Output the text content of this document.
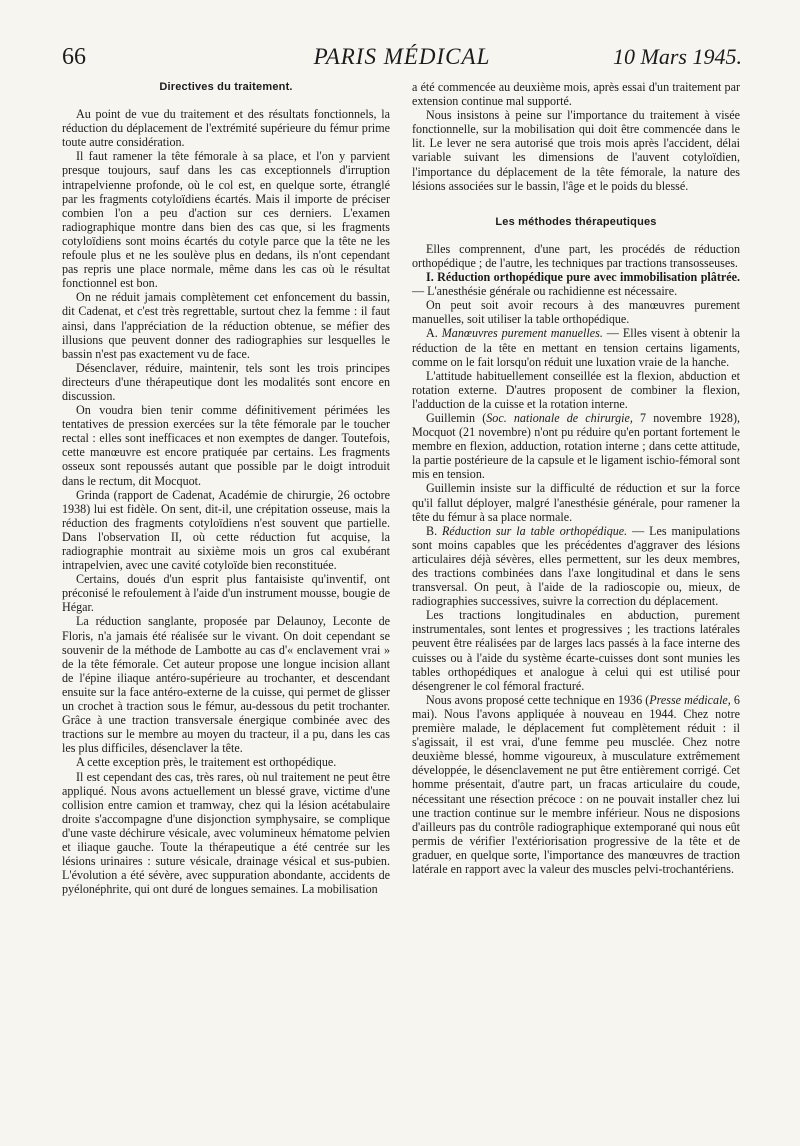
66	PARIS MÉDICAL	10 Mars 1945.
Directives du traitement.

Au point de vue du traitement et des résultats fonctionnels, la réduction du déplacement de l'extrémité supérieure du fémur prime toute autre considération.

Il faut ramener la tête fémorale à sa place, et l'on y parvient presque toujours, sauf dans les cas exceptionnels d'irruption intrapelvienne profonde, où le col est, en quelque sorte, étranglé par les fragments cotyloïdiens écartés. Mais il importe de préciser combien l'on a peu d'action sur ces derniers. L'examen radiographique montre dans bien des cas que, si les fragments cotyloïdiens sont moins écartés du cotyle parce que la tête ne les refoule plus et ne les soulève plus en dedans, ils n'ont cependant pas repris une place normale, même dans les cas où le résultat fonctionnel est bon.

On ne réduit jamais complètement cet enfoncement du bassin, dit Cadenat, et c'est très regrettable, surtout chez la femme : il faut ainsi, dans l'appréciation de la réduction obtenue, se méfier des illusions que peuvent donner des radiographies sur lesquelles le bassin n'est pas exactement vu de face.

Désenclaver, réduire, maintenir, tels sont les trois principes directeurs d'une thérapeutique dont les modalités sont encore en discussion.

On voudra bien tenir comme définitivement périmées les tentatives de pression exercées sur la tête fémorale par le toucher rectal : elles sont inefficaces et non exemptes de danger. Toutefois, cette manœuvre est encore pratiquée par certains. Les fragments osseux sont repoussés autant que possible par le doigt introduit dans le rectum, dit Mocquot.

Grinda (rapport de Cadenat, Académie de chirurgie, 26 octobre 1938) lui est fidèle. On sent, dit-il, une crépitation osseuse, mais la réduction des fragments cotyloïdiens n'est souvent que partielle. Dans l'observation II, où cette réduction fut acquise, la radiographie montrait au sixième mois un gros cal exubérant intrapelvien, avec une cavité cotyloïde bien reconstituée.

Certains, doués d'un esprit plus fantaisiste qu'inventif, ont préconisé le refoulement à l'aide d'un instrument mousse, bougie de Hégar.

La réduction sanglante, proposée par Delaunoy, Leconte de Floris, n'a jamais été réalisée sur le vivant. On doit cependant se souvenir de la méthode de Lambotte au cas d'« enclavement vrai » de la tête fémorale. Cet auteur propose une longue incision allant de l'épine iliaque antéro-supérieure au trochanter, et descendant ensuite sur la face antéro-externe de la cuisse, qui permet de glisser un crochet à traction sous le fémur, au-dessous du petit trochanter. Grâce à une traction transversale énergique combinée avec des tractions sur le membre au moyen du tracteur, il a pu, dans les cas les plus difficiles, désenclaver la tête.

A cette exception près, le traitement est orthopédique.

Il est cependant des cas, très rares, où nul traitement ne peut être appliqué. Nous avons actuellement un blessé grave, victime d'une collision entre camion et tramway, chez qui la lésion acétabulaire droite s'accompagne d'une disjonction symphysaire, se complique d'une vaste déchirure vésicale, avec volumineux hématome pelvien et iliaque gauche. Toute la thérapeutique a été centrée sur les lésions urinaires : suture vésicale, drainage vésical et sus-pubien. L'évolution a été sévère, avec suppuration abondante, accidents de pyélonéphrite, qui ont duré de longues semaines. La mobilisation

a été commencée au deuxième mois, après essai d'un traitement par extension continue mal supporté.

Nous insistons à peine sur l'importance du traitement à visée fonctionnelle, sur la mobilisation qui doit être commencée dans le lit. Le lever ne sera autorisé que trois mois après l'accident, délai variable suivant les dimensions de l'auvent cotyloïdien, l'importance du déplacement de la tête fémorale, la nature des lésions associées sur le bassin, l'âge et le poids du blessé.

Les méthodes thérapeutiques

Elles comprennent, d'une part, les procédés de réduction orthopédique ; de l'autre, les techniques par tractions transosseuses.

I. Réduction orthopédique pure avec immobilisation plâtrée. — L'anesthésie générale ou rachidienne est nécessaire.

On peut soit avoir recours à des manœuvres purement manuelles, soit utiliser la table orthopédique.

A. Manœuvres purement manuelles. — Elles visent à obtenir la réduction de la tête en mettant en tension certains ligaments, comme on le fait lorsqu'on réduit une luxation vraie de la hanche.

L'attitude habituellement conseillée est la flexion, abduction et rotation externe. D'autres proposent de combiner la flexion, l'adduction de la cuisse et la rotation interne.

Guillemin (Soc. nationale de chirurgie, 7 novembre 1928), Mocquot (21 novembre) n'ont pu réduire qu'en portant fortement le membre en flexion, adduction, rotation interne ; dans cette attitude, la partie postérieure de la capsule et le ligament ischio-fémoral sont mis en tension.

Guillemin insiste sur la difficulté de réduction et sur la force qu'il fallut déployer, malgré l'anesthésie générale, pour ramener la tête du fémur à sa place normale.

B. Réduction sur la table orthopédique. — Les manipulations sont moins capables que les précédentes d'aggraver des lésions articulaires déjà sévères, elles permettent, sur les deux membres, des tractions combinées dans l'axe longitudinal et dans le sens transversal. On peut, à l'aide de la radioscopie ou, mieux, de radiographies successives, suivre la correction du déplacement.

Les tractions longitudinales en abduction, purement instrumentales, sont lentes et progressives ; les tractions latérales peuvent être réalisées par de larges lacs passés à la face interne des cuisses ou à l'aide du système écarte-cuisses dont sont munies les tables orthopédiques et analogue à celui qui est utilisé pour désengrener le col fémoral fracturé.

Nous avons proposé cette technique en 1936 (Presse médicale, 6 mai). Nous l'avons appliquée à nouveau en 1944. Chez notre première malade, le déplacement fut complètement réduit : il s'agissait, il est vrai, d'une femme peu musclée. Chez notre deuxième blessé, homme vigoureux, à musculature extrêmement développée, le désenclavement ne put être entièrement corrigé. Cet homme présentait, d'autre part, un fracas articulaire du coude, nécessitant une résection précoce : on ne pouvait installer chez lui une traction continue sur le membre inférieur. Nous ne disposions d'ailleurs pas du contrôle radiographique extemporané qui nous eût permis de vérifier l'extériorisation progressive de la tête et de graduer, en quelque sorte, l'importance des manœuvres de traction latérale en rapport avec la valeur des muscles pelvi-trochantériens.
